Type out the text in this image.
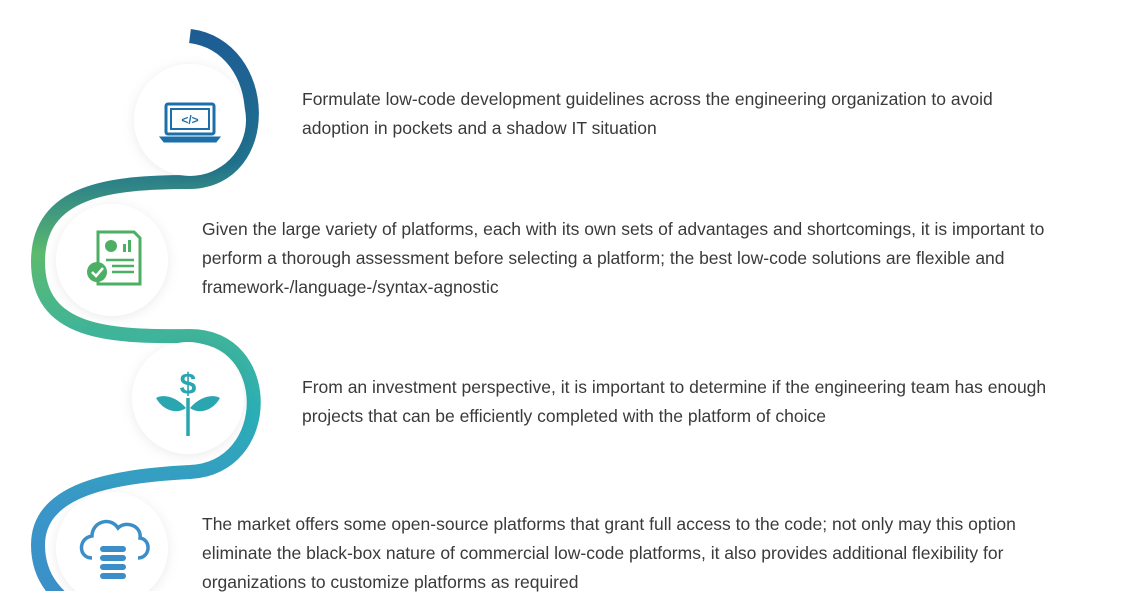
</>
$
Formulate low-code development guidelines across the engineering organization to avoid adoption in pockets and a shadow IT situation
Given the large variety of platforms, each with its own sets of advantages and shortcomings, it is important to perform a thorough assessment before selecting a platform; the best low-code solutions are flexible and framework-/language-/syntax-agnostic
From an investment perspective, it is important to determine if the engineering team has enough projects that can be efficiently completed with the platform of choice
The market offers some open-source platforms that grant full access to the code; not only may this option eliminate the black-box nature of commercial low-code platforms, it also provides additional flexibility for organizations to customize platforms as required
